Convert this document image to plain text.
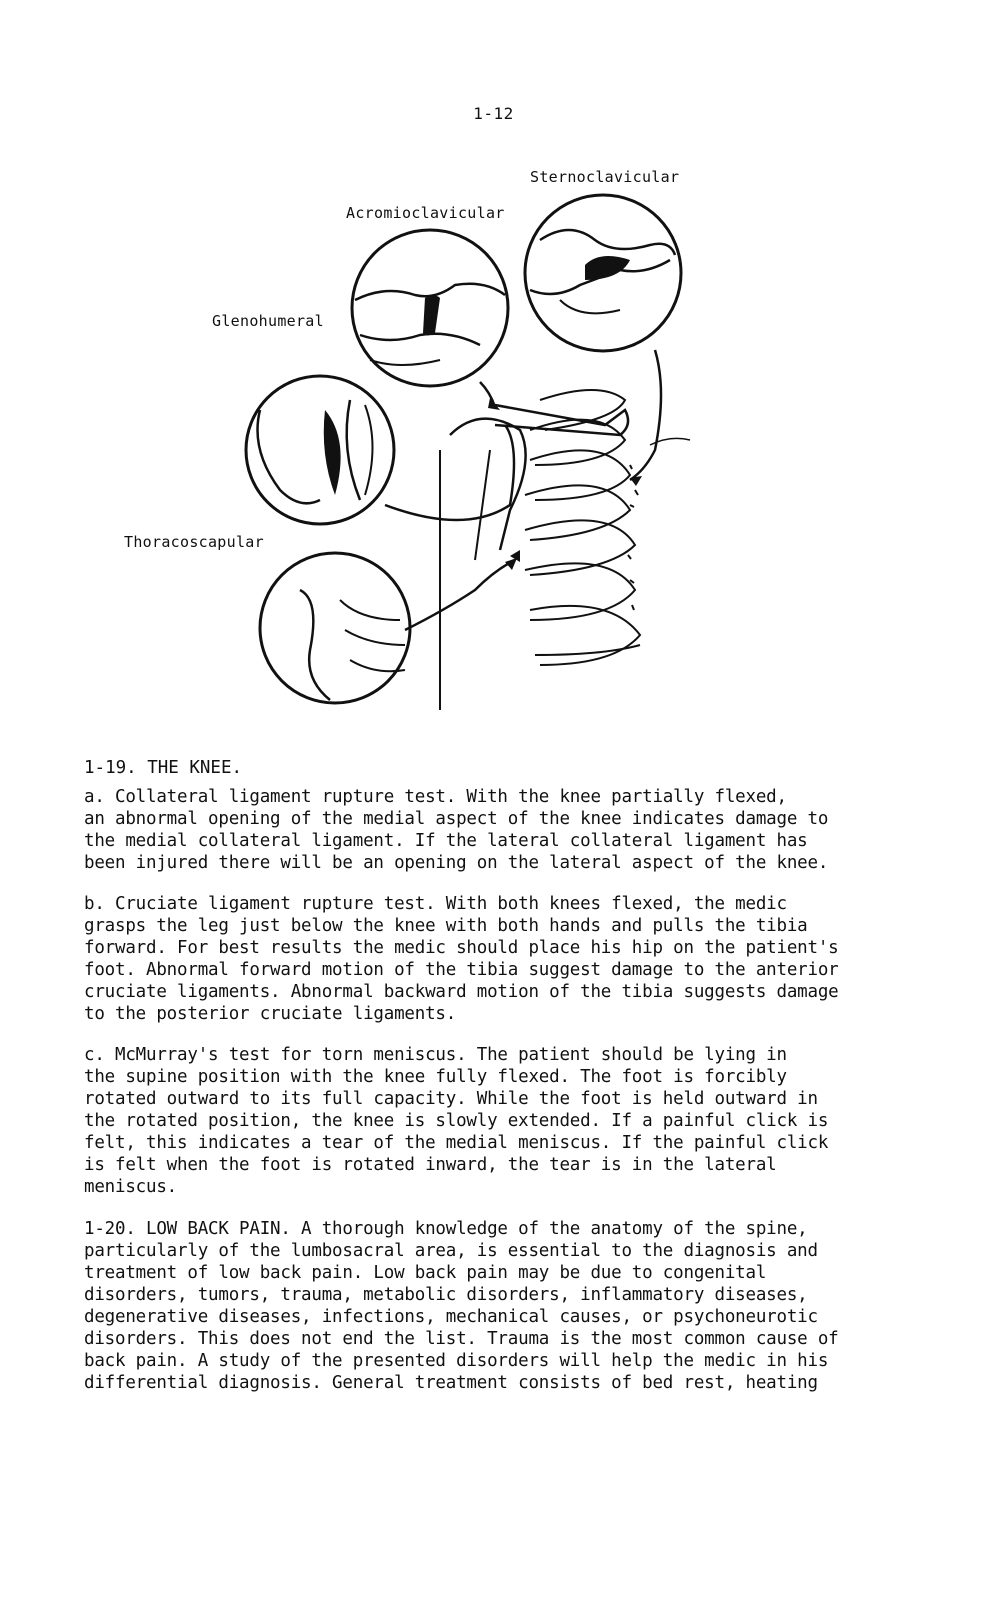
1-12
Sternoclavicular
Acromioclavicular
Glenohumeral
Thoracoscapular
1-19. THE KNEE.

a. Collateral ligament rupture test. With the knee partially flexed,
an abnormal opening of the medial aspect of the knee indicates damage to
the medial collateral ligament. If the lateral collateral ligament has
been injured there will be an opening on the lateral aspect of the knee.

b. Cruciate ligament rupture test. With both knees flexed, the medic
grasps the leg just below the knee with both hands and pulls the tibia
forward. For best results the medic should place his hip on the patient's
foot. Abnormal forward motion of the tibia suggest damage to the anterior
cruciate ligaments. Abnormal backward motion of the tibia suggests damage
to the posterior cruciate ligaments.

c. McMurray's test for torn meniscus. The patient should be lying in
the supine position with the knee fully flexed. The foot is forcibly
rotated outward to its full capacity. While the foot is held outward in
the rotated position, the knee is slowly extended. If a painful click is
felt, this indicates a tear of the medial meniscus. If the painful click
is felt when the foot is rotated inward, the tear is in the lateral
meniscus.

1-20. LOW BACK PAIN. A thorough knowledge of the anatomy of the spine,
particularly of the lumbosacral area, is essential to the diagnosis and
treatment of low back pain. Low back pain may be due to congenital
disorders, tumors, trauma, metabolic disorders, inflammatory diseases,
degenerative diseases, infections, mechanical causes, or psychoneurotic
disorders. This does not end the list. Trauma is the most common cause of
back pain. A study of the presented disorders will help the medic in his
differential diagnosis. General treatment consists of bed rest, heating
